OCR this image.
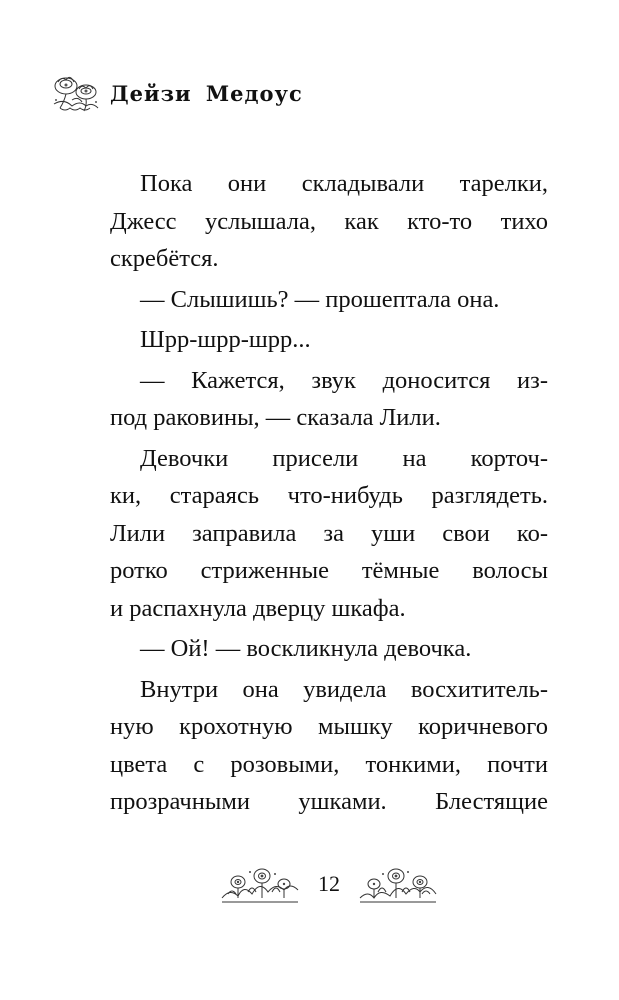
Дейзи Медоус
Пока они складывали тарелки,
Джесс услышала, как кто-то тихо
скребётся.
— Слышишь? — прошептала она.
Шрр-шрр-шрр...
— Кажется, звук доносится из-
под раковины, — сказала Лили.
Девочки присели на корточ-
ки, стараясь что-нибудь разглядеть.
Лили заправила за уши свои ко-
ротко стриженные тёмные волосы
и распахнула дверцу шкафа.
— Ой! — воскликнула девочка.
Внутри она увидела восхититель-
ную крохотную мышку коричневого
цвета с розовыми, тонкими, почти
прозрачными ушками. Блестящие
12
